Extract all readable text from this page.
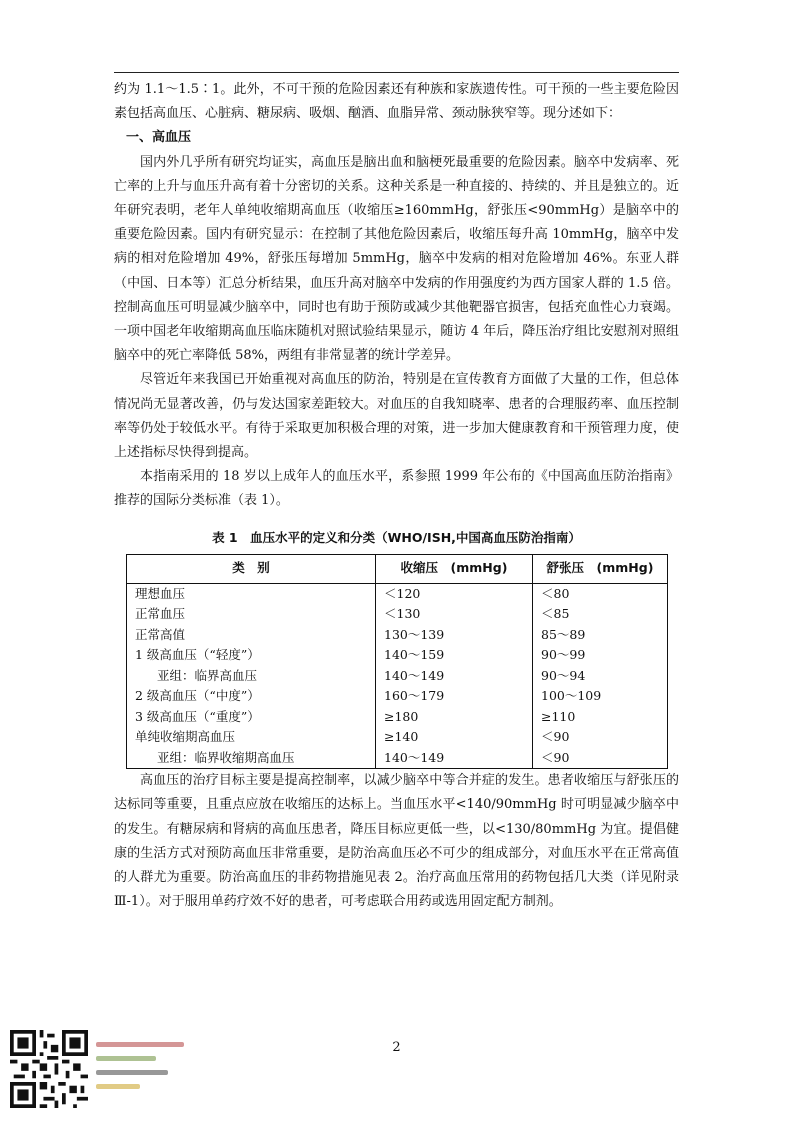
约为 1.1～1.5∶1。此外，不可干预的危险因素还有种族和家族遗传性。可干预的一些主要危险因素包括高血压、心脏病、糖尿病、吸烟、酗酒、血脂异常、颈动脉狭窄等。现分述如下：

一、高血压

国内外几乎所有研究均证实，高血压是脑出血和脑梗死最重要的危险因素。脑卒中发病率、死亡率的上升与血压升高有着十分密切的关系。这种关系是一种直接的、持续的、并且是独立的。近年研究表明，老年人单纯收缩期高血压（收缩压≥160mmHg，舒张压<90mmHg）是脑卒中的重要危险因素。国内有研究显示：在控制了其他危险因素后，收缩压每升高 10mmHg，脑卒中发病的相对危险增加 49%，舒张压每增加 5mmHg，脑卒中发病的相对危险增加 46%。东亚人群（中国、日本等）汇总分析结果，血压升高对脑卒中发病的作用强度约为西方国家人群的 1.5 倍。控制高血压可明显减少脑卒中，同时也有助于预防或减少其他靶器官损害，包括充血性心力衰竭。一项中国老年收缩期高血压临床随机对照试验结果显示，随访 4 年后，降压治疗组比安慰剂对照组脑卒中的死亡率降低 58%，两组有非常显著的统计学差异。

尽管近年来我国已开始重视对高血压的防治，特别是在宣传教育方面做了大量的工作，但总体情况尚无显著改善，仍与发达国家差距较大。对血压的自我知晓率、患者的合理服药率、血压控制率等仍处于较低水平。有待于采取更加积极合理的对策，进一步加大健康教育和干预管理力度，使上述指标尽快得到提高。

本指南采用的 18 岁以上成年人的血压水平，系参照 1999 年公布的《中国高血压防治指南》推荐的国际分类标准（表 1）。

表 1　血压水平的定义和分类（WHO/ISH,中国高血压防治指南）
类　别	收缩压　(mmHg)	舒张压　(mmHg)
理想血压	＜120	＜80
正常血压	＜130	＜85
正常高值	130～139	85～89
1 级高血压（“轻度”）	140～159	90～99
亚组：临界高血压	140～149	90～94
2 级高血压（“中度”）	160～179	100～109
3 级高血压（“重度”）	≥180	≥110
单纯收缩期高血压	≥140	＜90
亚组：临界收缩期高血压	140～149	＜90

高血压的治疗目标主要是提高控制率，以减少脑卒中等合并症的发生。患者收缩压与舒张压的达标同等重要，且重点应放在收缩压的达标上。当血压水平<140/90mmHg 时可明显减少脑卒中的发生。有糖尿病和肾病的高血压患者，降压目标应更低一些，以<130/80mmHg 为宜。提倡健康的生活方式对预防高血压非常重要，是防治高血压必不可少的组成部分，对血压水平在正常高值的人群尤为重要。防治高血压的非药物措施见表 2。治疗高血压常用的药物包括几大类（详见附录Ⅲ-1）。对于服用单药疗效不好的患者，可考虑联合用药或选用固定配方制剂。

2
